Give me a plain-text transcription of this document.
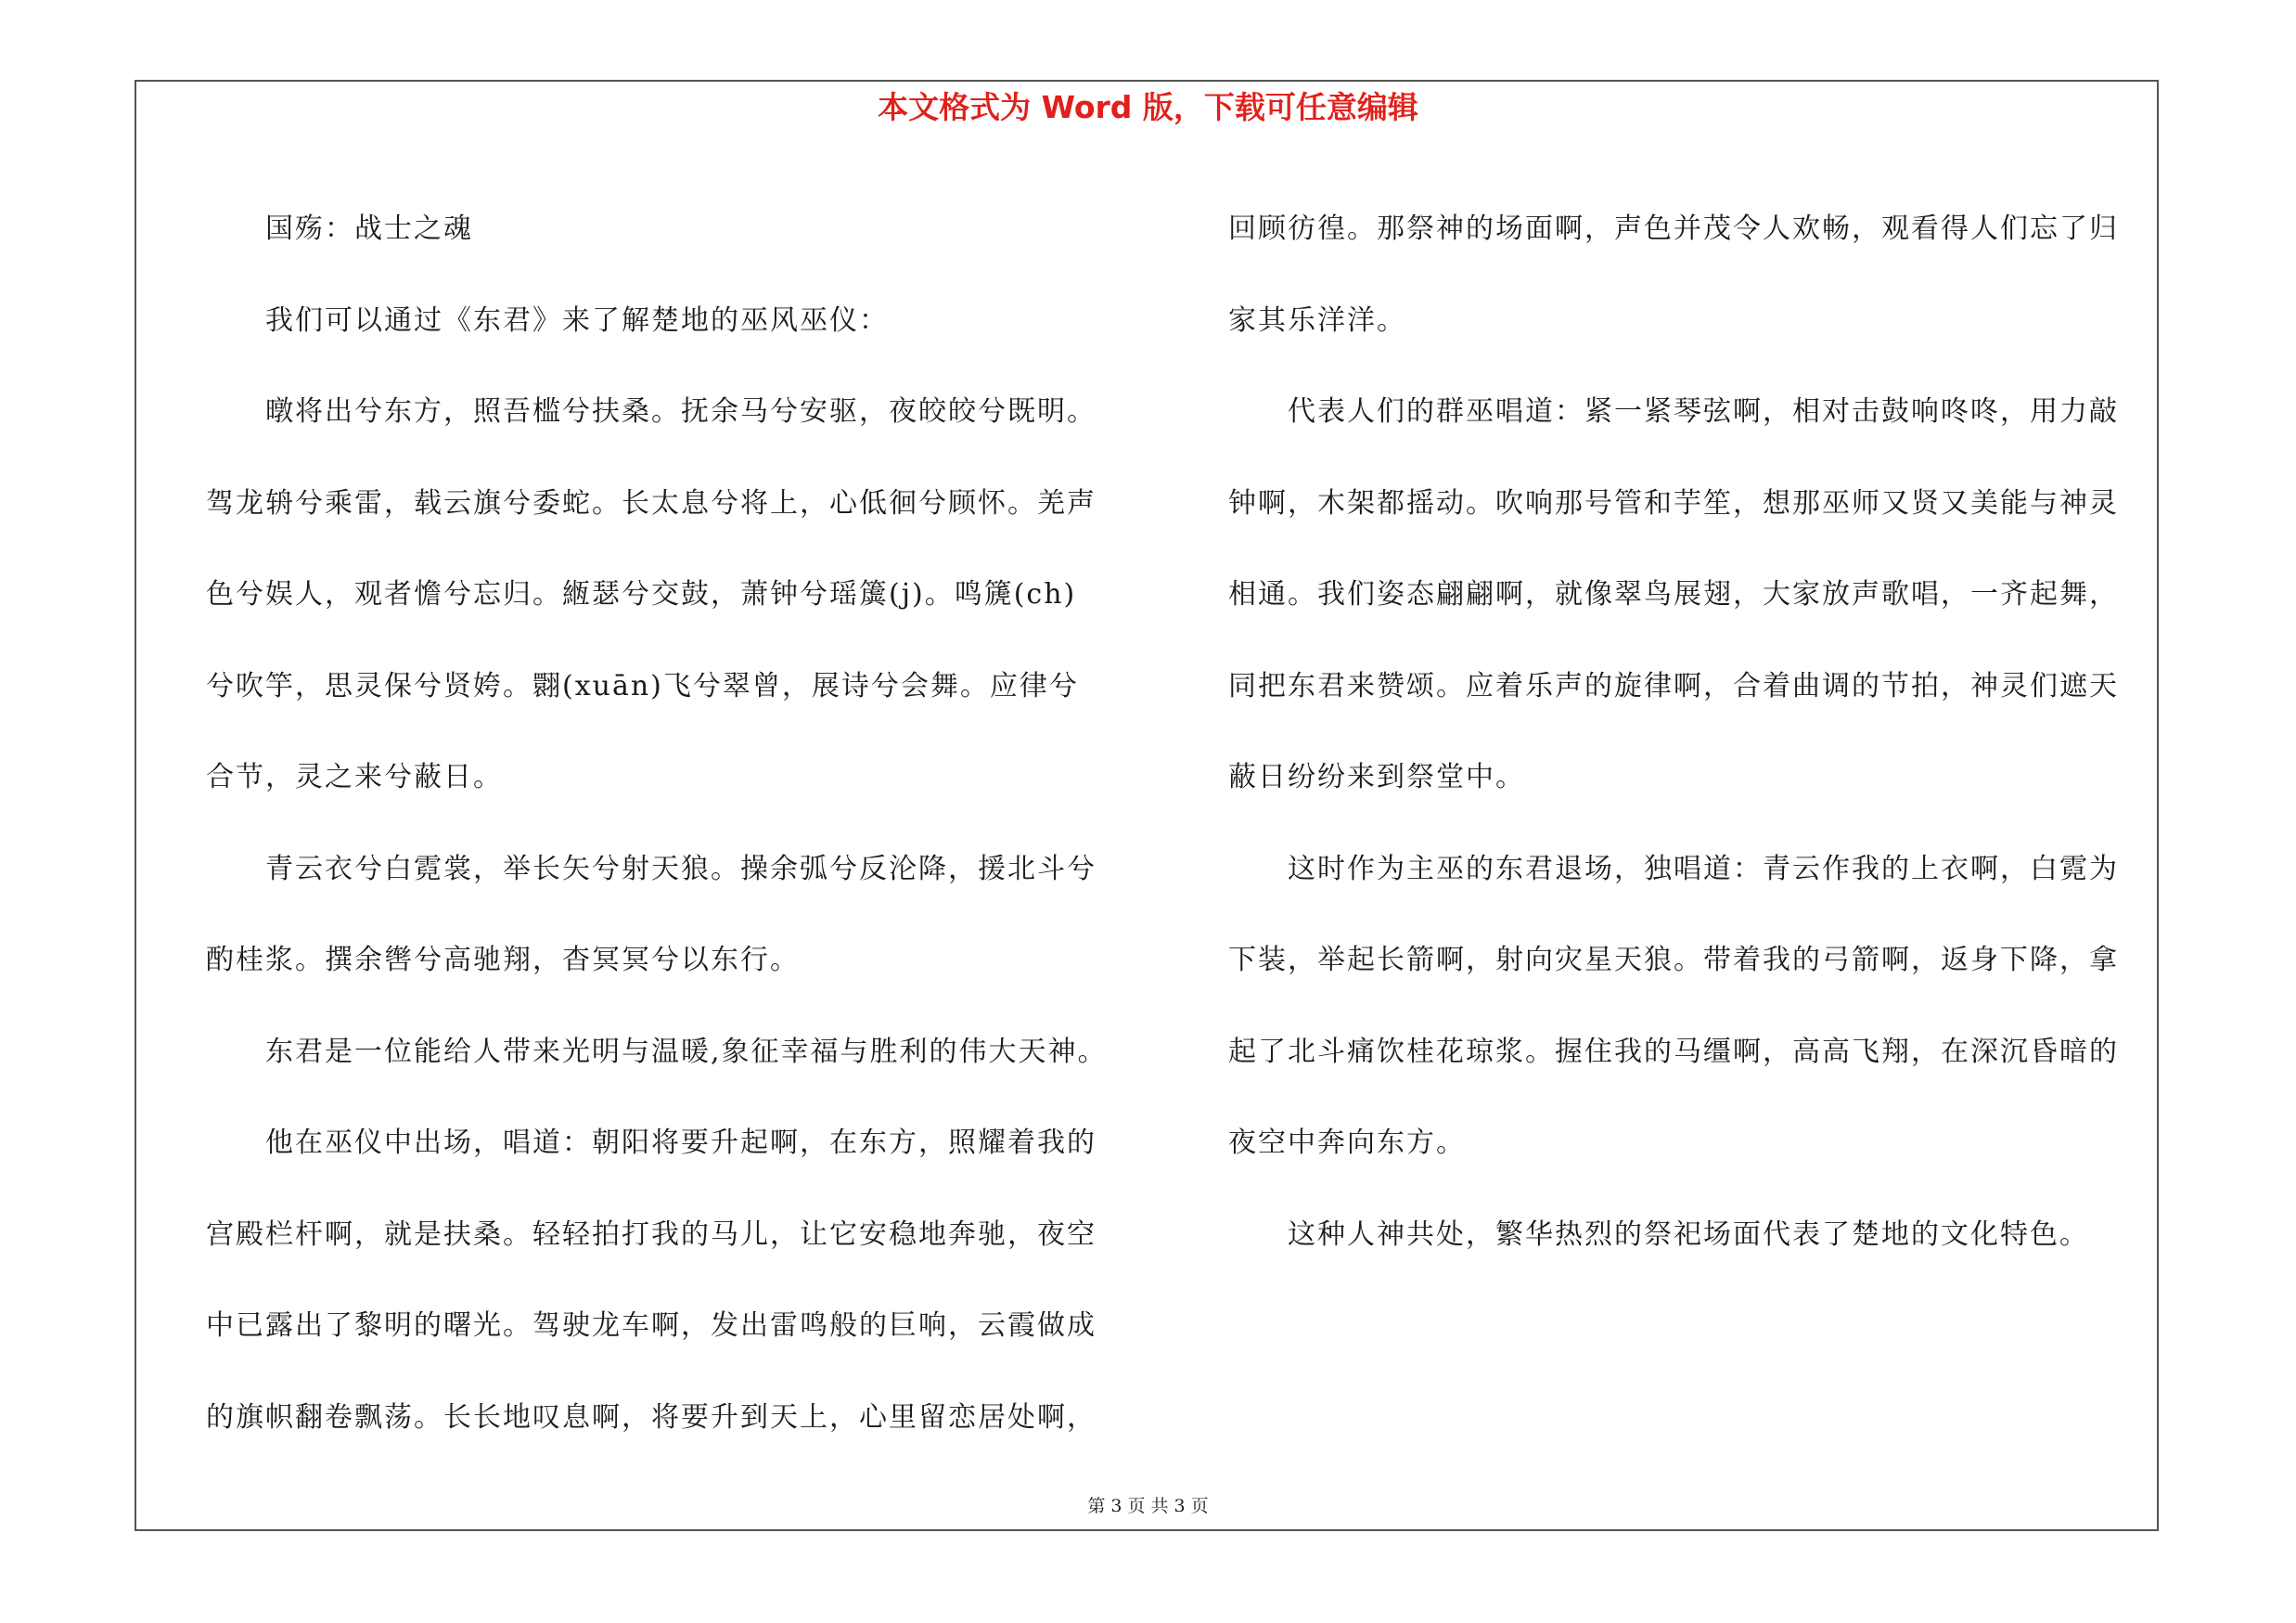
本文格式为 Word 版，下载可任意编辑

　　国殇：战士之魂

　　我们可以通过《东君》来了解楚地的巫风巫仪：

　　暾将出兮东方，照吾槛兮扶桑。抚余马兮安驱，夜皎皎兮既明。

驾龙辀兮乘雷，载云旗兮委蛇。长太息兮将上，心低徊兮顾怀。羌声

色兮娱人，观者憺兮忘归。緪瑟兮交鼓，萧钟兮瑶簴(j)。鸣篪(ch)

兮吹竽，思灵保兮贤姱。翾(xuān)飞兮翠曾，展诗兮会舞。应律兮

合节，灵之来兮蔽日。

　　青云衣兮白霓裳，举长矢兮射天狼。操余弧兮反沦降，援北斗兮

酌桂浆。撰余辔兮高驰翔，杳冥冥兮以东行。

　　东君是一位能给人带来光明与温暖,象征幸福与胜利的伟大天神。

　　他在巫仪中出场，唱道：朝阳将要升起啊，在东方，照耀着我的

宫殿栏杆啊，就是扶桑。轻轻拍打我的马儿，让它安稳地奔驰，夜空

中已露出了黎明的曙光。驾驶龙车啊，发出雷鸣般的巨响，云霞做成

的旗帜翻卷飘荡。长长地叹息啊，将要升到天上，心里留恋居处啊，

回顾彷徨。那祭神的场面啊，声色并茂令人欢畅，观看得人们忘了归

家其乐洋洋。

　　代表人们的群巫唱道：紧一紧琴弦啊，相对击鼓响咚咚，用力敲

钟啊，木架都摇动。吹响那号管和芋笙，想那巫师又贤又美能与神灵

相通。我们姿态翩翩啊，就像翠鸟展翅，大家放声歌唱，一齐起舞，

同把东君来赞颂。应着乐声的旋律啊，合着曲调的节拍，神灵们遮天

蔽日纷纷来到祭堂中。

　　这时作为主巫的东君退场，独唱道：青云作我的上衣啊，白霓为

下装，举起长箭啊，射向灾星天狼。带着我的弓箭啊，返身下降，拿

起了北斗痛饮桂花琼浆。握住我的马缰啊，高高飞翔，在深沉昏暗的

夜空中奔向东方。

　　这种人神共处，繁华热烈的祭祀场面代表了楚地的文化特色。

第 3 页 共 3 页
